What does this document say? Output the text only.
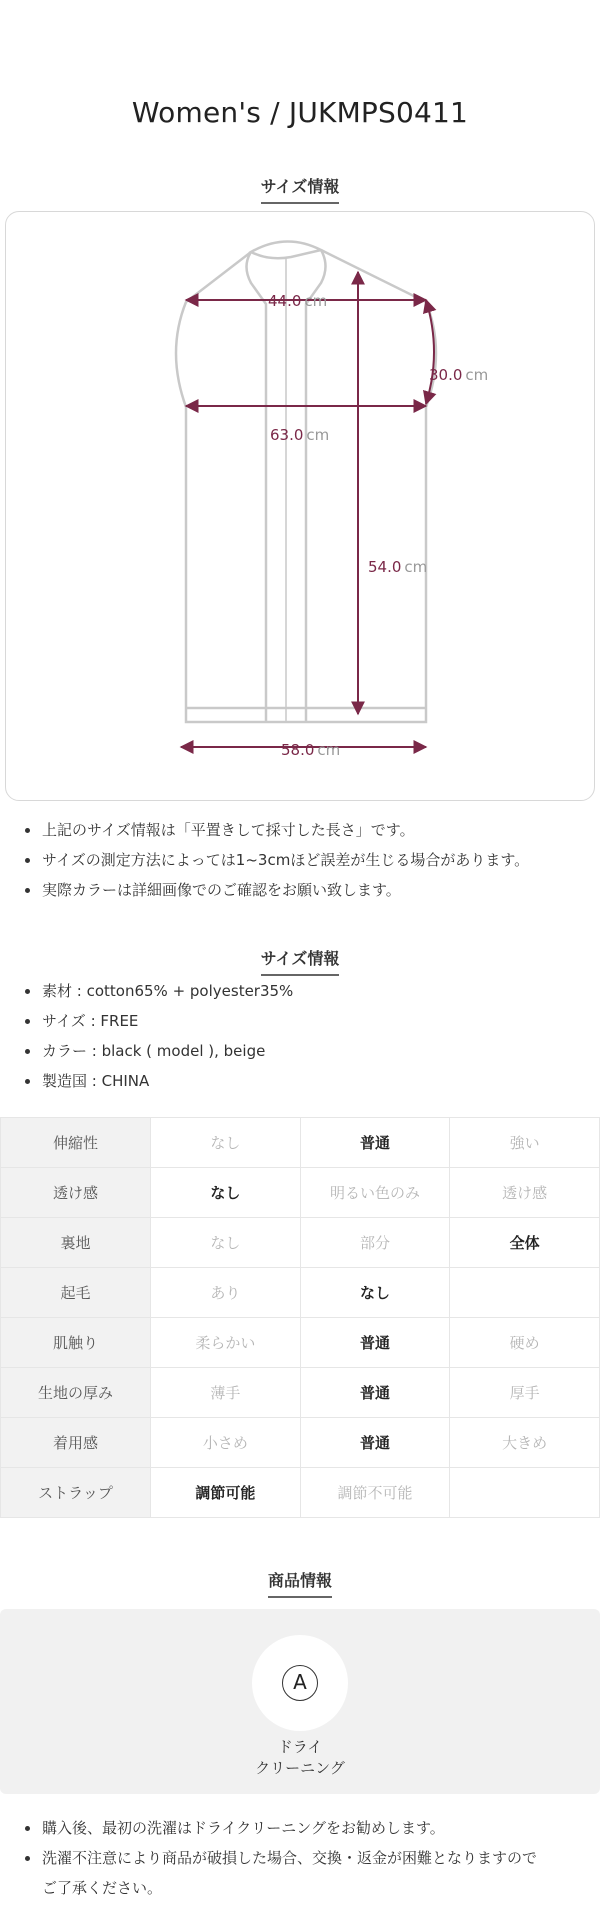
Women's / JUKMPS0411
サイズ情報
44.0 cm
30.0 cm
63.0 cm
54.0 cm
58.0 cm
上記のサイズ情報は「平置きして採寸した長さ」です。
サイズの測定方法によっては1~3cmほど誤差が生じる場合があります。
実際カラーは詳細画像でのご確認をお願い致します。
サイズ情報
素材 : cotton65% + polyester35%
サイズ : FREE
カラー : black ( model ), beige
製造国 : CHINA
伸縮性	なし	普通	強い
透け感	なし	明るい色のみ	透け感
裏地	なし	部分	全体
起毛	あり	なし	
肌触り	柔らかい	普通	硬め
生地の厚み	薄手	普通	厚手
着用感	小さめ	普通	大きめ
ストラップ	調節可能	調節不可能	
商品情報
A
ドライ
クリーニング
購入後、最初の洗濯はドライクリーニングをお勧めします。
洗濯不注意により商品が破損した場合、交換・返金が困難となりますので
ご了承ください。
